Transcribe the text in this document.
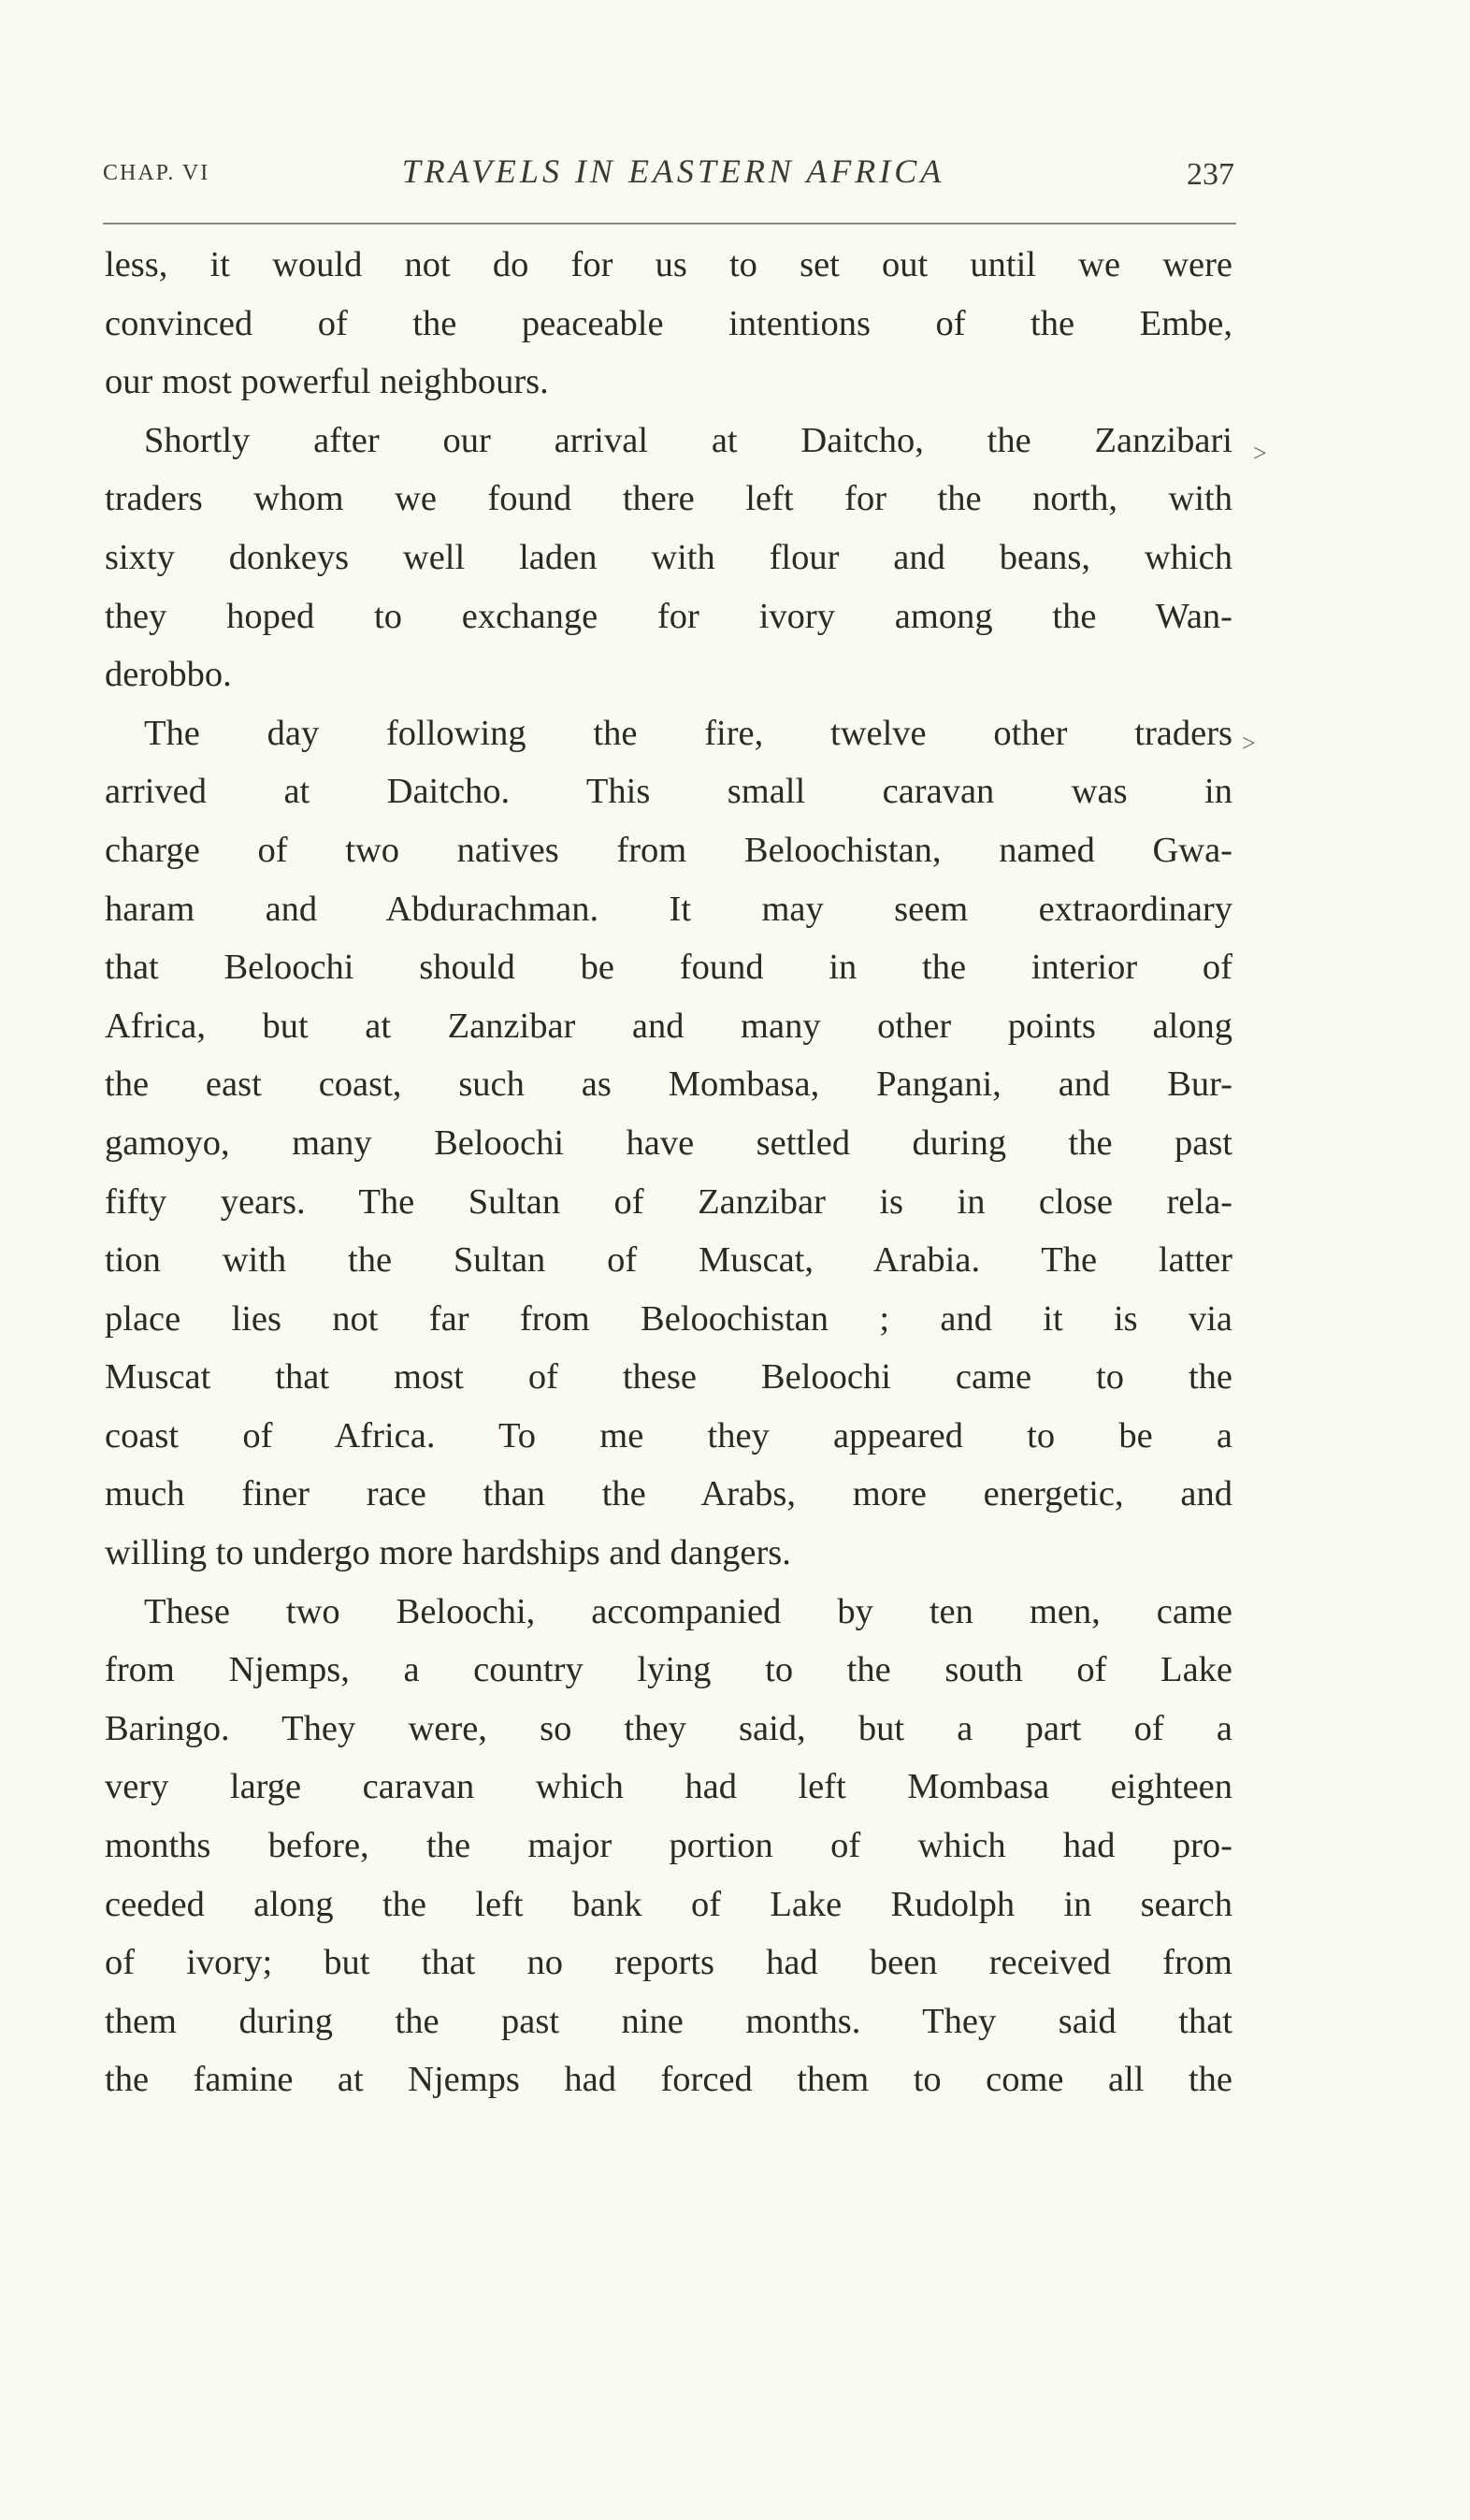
CHAP. VI	TRAVELS IN EASTERN AFRICA	237
>
>

less, it would not do for us to set out until we were
convinced of the peaceable intentions of the Embe,
our most powerful neighbours.

Shortly after our arrival at Daitcho, the Zanzibari
traders whom we found there left for the north, with
sixty donkeys well laden with flour and beans, which
they hoped to exchange for ivory among the Wan-
derobbo.

The day following the fire, twelve other traders
arrived at Daitcho. This small caravan was in
charge of two natives from Beloochistan, named Gwa-
haram and Abdurachman. It may seem extraordinary
that Beloochi should be found in the interior of
Africa, but at Zanzibar and many other points along
the east coast, such as Mombasa, Pangani, and Bur-
gamoyo, many Beloochi have settled during the past
fifty years. The Sultan of Zanzibar is in close rela-
tion with the Sultan of Muscat, Arabia. The latter
place lies not far from Beloochistan ; and it is via
Muscat that most of these Beloochi came to the
coast of Africa. To me they appeared to be a
much finer race than the Arabs, more energetic, and
willing to undergo more hardships and dangers.

These two Beloochi, accompanied by ten men, came
from Njemps, a country lying to the south of Lake
Baringo. They were, so they said, but a part of a
very large caravan which had left Mombasa eighteen
months before, the major portion of which had pro-
ceeded along the left bank of Lake Rudolph in search
of ivory; but that no reports had been received from
them during the past nine months. They said that
the famine at Njemps had forced them to come all the
